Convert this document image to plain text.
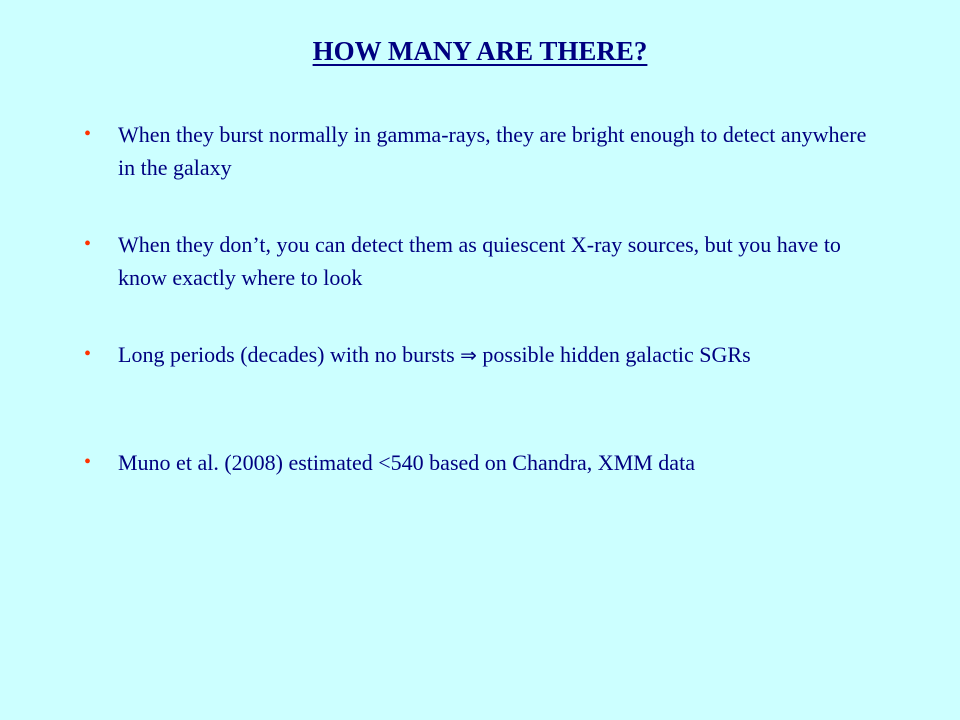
HOW MANY ARE THERE?
• When they burst normally in gamma-rays, they are bright enough to detect anywhere in the galaxy
• When they don’t, you can detect them as quiescent X-ray sources, but you have to know exactly where to look
• Long periods (decades) with no bursts ⇒ possible hidden galactic SGRs
• Muno et al. (2008) estimated <540 based on Chandra, XMM data
